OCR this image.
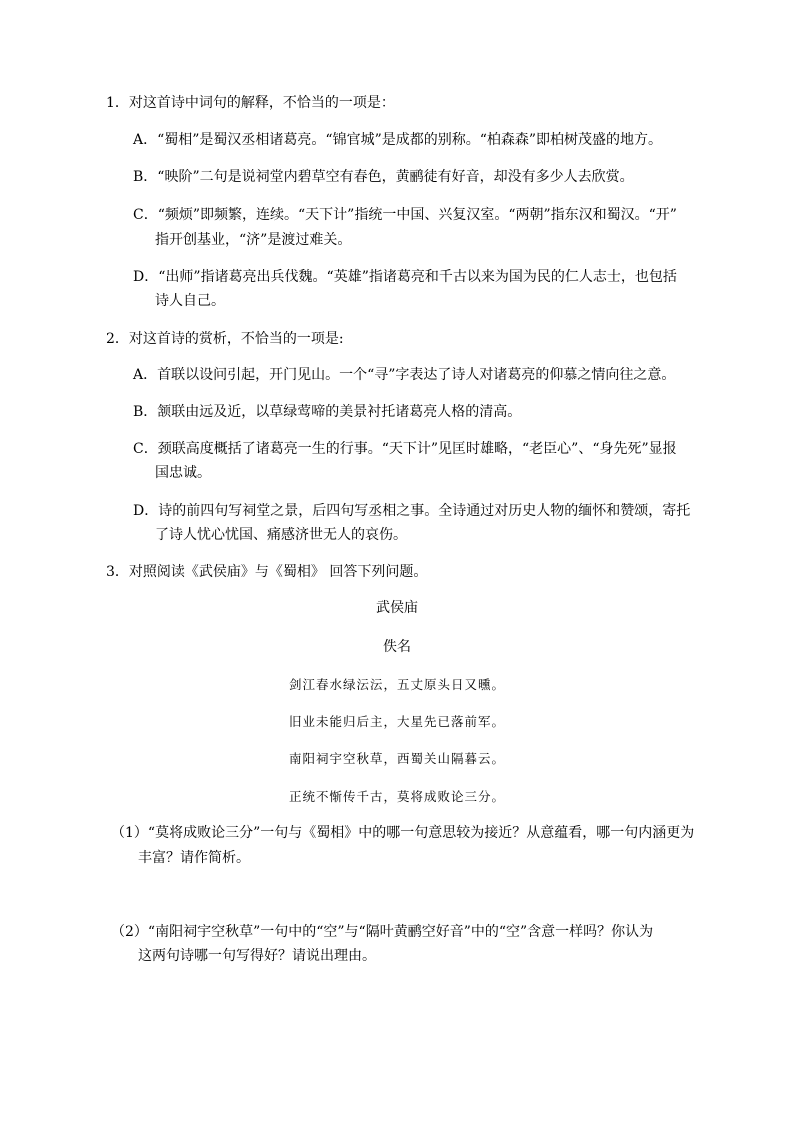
1．对这首诗中词句的解释，不恰当的一项是：
A．“蜀相”是蜀汉丞相诸葛亮。“锦官城”是成都的别称。“柏森森”即柏树茂盛的地方。
B．“映阶”二句是说祠堂内碧草空有春色，黄鹂徒有好音，却没有多少人去欣赏。
C．“频烦”即频繁，连续。“天下计”指统一中国、兴复汉室。“两朝”指东汉和蜀汉。“开”
指开创基业，“济”是渡过难关。
D．“出师”指诸葛亮出兵伐魏。“英雄”指诸葛亮和千古以来为国为民的仁人志士，也包括
诗人自己。
2．对这首诗的赏析，不恰当的一项是:
A．首联以设问引起，开门见山。一个“寻”字表达了诗人对诸葛亮的仰慕之情向往之意。
B．颔联由远及近，以草绿莺啼的美景衬托诸葛亮人格的清高。
C．颈联高度概括了诸葛亮一生的行事。“天下计”见匡时雄略，“老臣心”、“身先死”显报
国忠诚。
D．诗的前四句写祠堂之景，后四句写丞相之事。全诗通过对历史人物的缅怀和赞颂，寄托
了诗人忧心忧国、痛感济世无人的哀伤。
3．对照阅读《武侯庙》与《蜀相》 回答下列问题。
武侯庙
佚名
剑江春水绿沄沄，五丈原头日又曛。
旧业未能归后主，大星先已落前军。
南阳祠宇空秋草，西蜀关山隔暮云。
正统不惭传千古，莫将成败论三分。
（1）“莫将成败论三分”一句与《蜀相》中的哪一句意思较为接近？从意蕴看，哪一句内涵更为
丰富？请作简析。
（2）“南阳祠宇空秋草”一句中的“空”与“隔叶黄鹂空好音”中的“空”含意一样吗？你认为
这两句诗哪一句写得好？请说出理由。
